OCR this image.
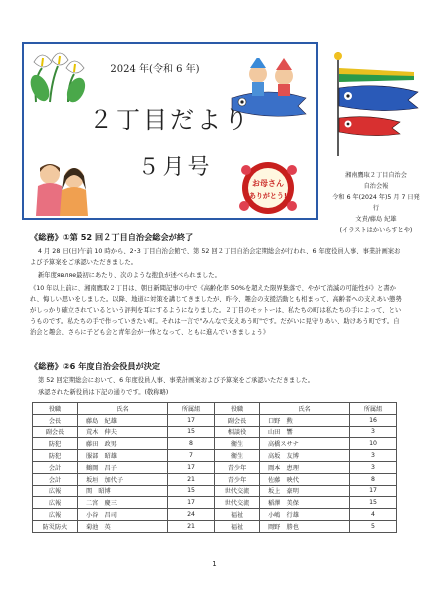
2024 年(令和 6 年)
２丁目だより
５月号
お母さん
ありがとう!
湘南鷹取２丁目自治会
自治会報
令和 6 年(2024 年)5 月 7 日発行
文責/藤島 紀雄
(イラストはかいらすとや)
《総務》①第 52 回２丁目自治会総会が終了
4 月 28 日(日)午前 10 時から、2･3 丁目自治会館で、第 52 回２丁目自治会定期総会が行われ、6 年度役員人事、事業計画案および予算案をご承認いただきました。
新年度являе最初にあたり、次のような抱負が述べられました。
《10 年以上前に、湘南鷹取２丁目は、朝日新聞記事の中で《高齢化率 50%を超えた限界集落で、やがて消滅の可能性が》と書かれ、悔しい思いをしました。以降、地道に対策を講じてきましたが、昨今、趣会の支援活動とも相まって、高齢者への支えあい態勢がしっかり確立されているという評判を耳にするようになりました。２丁目のモットーは、私たちの町は私たちの手によって、というものです。私たちの手で作っていきたい町。それは一言で"みんなで支えあう町"です。だがいに見守りあい、助けあう町です。自治会と趣会、さらに子ども会と青年会が一体となって、ともに進んでいきましょう》
《総務》②6 年度自治会役員が決定
第 52 回定期総会において、6 年度役員人事、事業計画案および予算案をご承認いただきました。
承認された新役員は下記の通りです。(敬称略)
役職	氏名	所属組	役職	氏名	所属組
会長	藤島　紀雄	17	副会長	口野　勲	16
副会長	荒木　伸夫	15	相談役	山田　響	3
防犯	藤田　政男	8	衛生	高橋スサナ	10
防犯	服部　昭雄	7	衛生	高坂　友博	3
会計	鶴岡　昌子	17	青少年	岡本　恵理	3
会計	坂垣　加代子	21	青少年	佐藤　映代	8
広報	関　昭博	15	世代交流	坂上　豪明	17
広報	二宮　慶三	17	世代交流	稲澤　美保	15
広報	小谷　昌司	24	福祉	小嶋　行雄	4
防災防火	菊池　英	21	福祉	岡野　勝也	5
1
